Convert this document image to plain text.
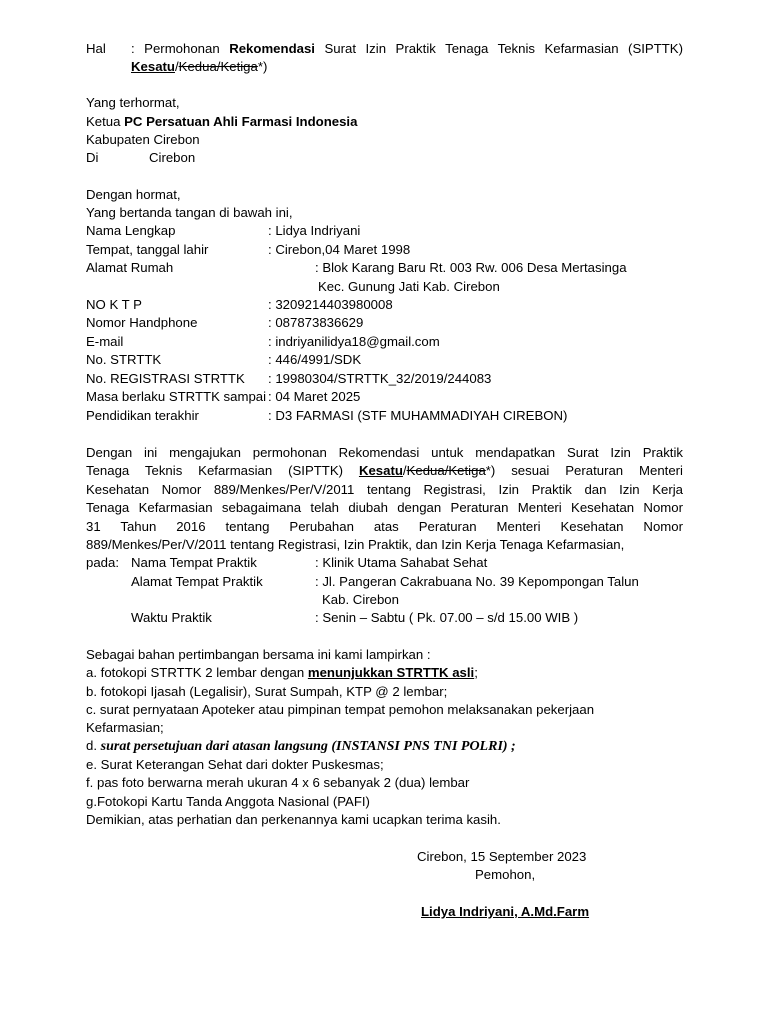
Hal : Permohonan Rekomendasi Surat Izin Praktik Tenaga Teknis Kefarmasian (SIPTTK)
Kesatu/Kedua/Ketiga*)
Yang terhormat,
Ketua PC Persatuan Ahli Farmasi Indonesia
Kabupaten Cirebon
Di	Cirebon
Dengan hormat,
Yang bertanda tangan di bawah ini,
Nama Lengkap	: Lidya Indriyani
Tempat, tanggal lahir	: Cirebon,04 Maret 1998
Alamat Rumah	: Blok Karang Baru Rt. 003 Rw. 006 Desa Mertasinga
Kec. Gunung Jati Kab. Cirebon
NO K T P	: 3209214403980008
Nomor Handphone	: 087873836629
E-mail	: indriyanilidya18@gmail.com
No. STRTTK	: 446/4991/SDK
No. REGISTRASI STRTTK : 19980304/STRTTK_32/2019/244083
Masa berlaku STRTTK sampai : 04 Maret 2025
Pendidikan terakhir	: D3 FARMASI (STF MUHAMMADIYAH CIREBON)
Dengan ini mengajukan permohonan Rekomendasi untuk mendapatkan Surat Izin Praktik
Tenaga Teknis Kefarmasian (SIPTTK) Kesatu/Kedua/Ketiga*) sesuai Peraturan Menteri
Kesehatan Nomor 889/Menkes/Per/V/2011 tentang Registrasi, Izin Praktik dan Izin Kerja
Tenaga Kefarmasian sebagaimana telah diubah dengan Peraturan Menteri Kesehatan Nomor
31 Tahun 2016 tentang Perubahan atas Peraturan Menteri Kesehatan Nomor
889/Menkes/Per/V/2011 tentang Registrasi, Izin Praktik, dan Izin Kerja Tenaga Kefarmasian,
pada: Nama Tempat Praktik	: Klinik Utama Sahabat Sehat
Alamat Tempat Praktik	: Jl. Pangeran Cakrabuana No. 39 Kepompongan Talun
Kab. Cirebon
Waktu Praktik	: Senin – Sabtu ( Pk. 07.00 – s/d 15.00 WIB )
Sebagai bahan pertimbangan bersama ini kami lampirkan :
a. fotokopi STRTTK 2 lembar dengan menunjukkan STRTTK asli;
b. fotokopi Ijasah (Legalisir), Surat Sumpah, KTP @ 2 lembar;
c. surat pernyataan Apoteker atau pimpinan tempat pemohon melaksanakan pekerjaan
Kefarmasian;
d. surat persetujuan dari atasan langsung (INSTANSI PNS TNI POLRI) ;
e. Surat Keterangan Sehat dari dokter Puskesmas;
f. pas foto berwarna merah ukuran 4 x 6 sebanyak 2 (dua) lembar
g.Fotokopi Kartu Tanda Anggota Nasional (PAFI)
Demikian, atas perhatian dan perkenannya kami ucapkan terima kasih.
Cirebon, 15 September 2023
Pemohon,
Lidya Indriyani, A.Md.Farm
